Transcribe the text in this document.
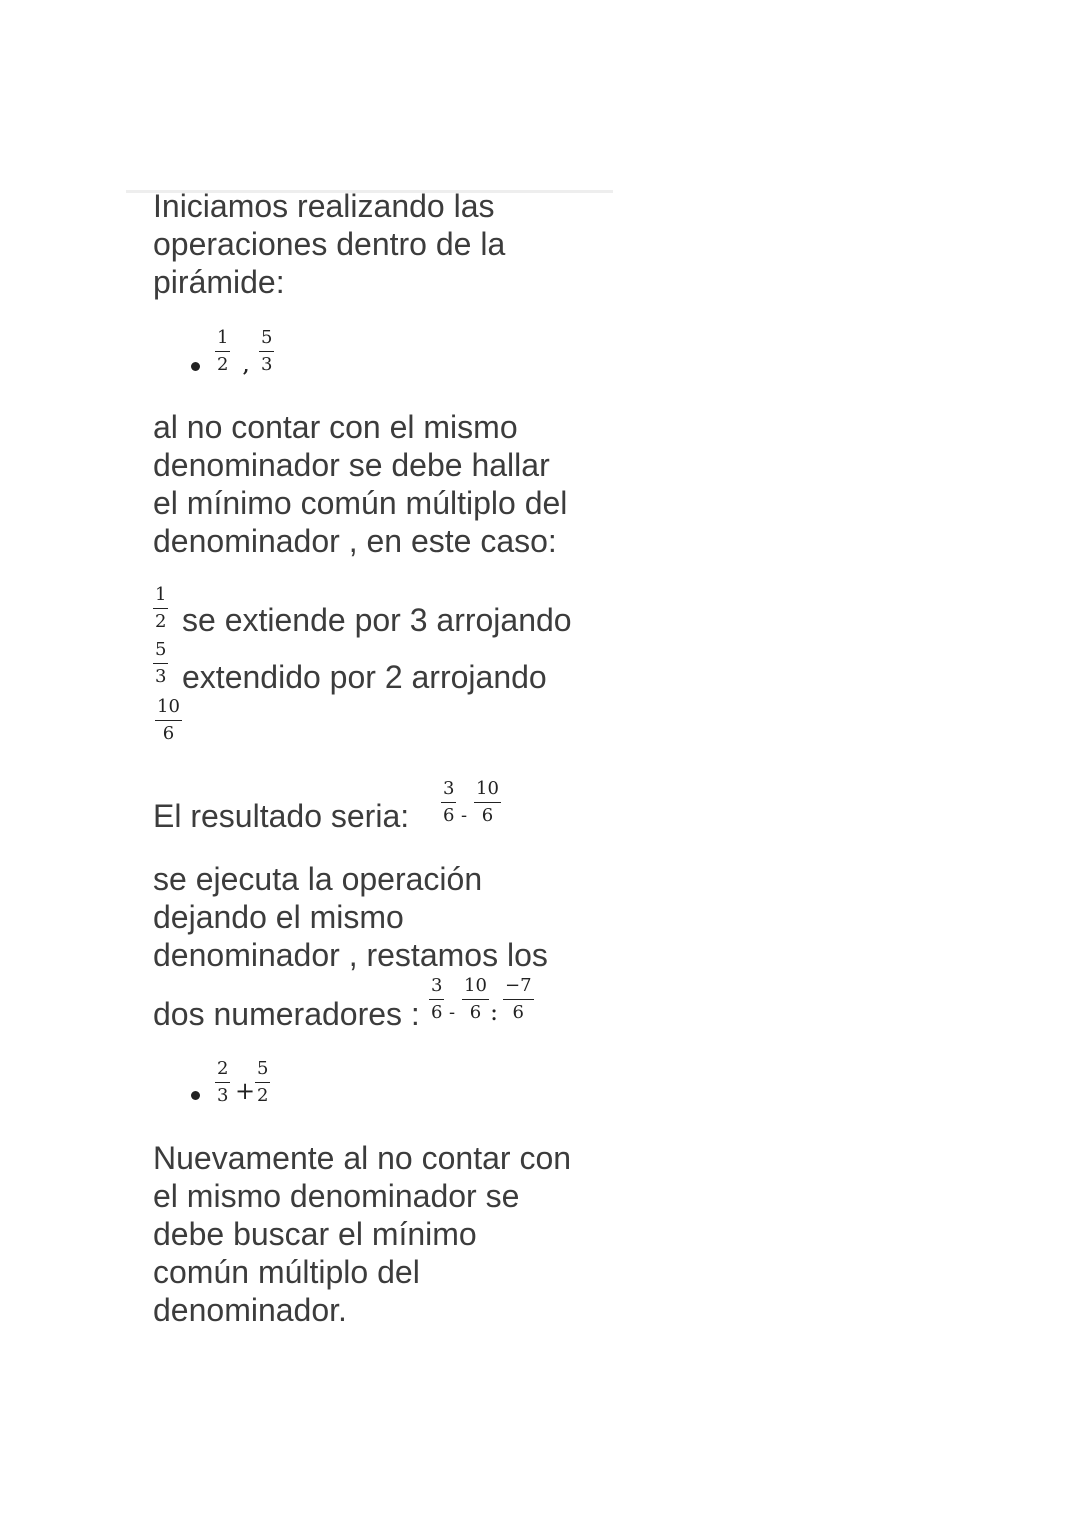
Iniciamos realizando las
operaciones dentro de la
pirámide:
$\frac{1}{2}$ , $\frac{5}{3}$
al no contar con el mismo
denominador se debe hallar
el mínimo común múltiplo del
denominador , en este caso:
$\frac{1}{2}$ se extiende por 3 arrojando
$\frac{5}{3}$ extendido por 2 arrojando
$\frac{10}{6}$
El resultado seria: $\frac{3}{6} - \frac{10}{6}$
se ejecuta la operación
dejando el mismo
denominador , restamos los
dos numeradores : $\frac{3}{6} - \frac{10}{6}$ : $\frac{-7}{6}$
$\frac{2}{3} + \frac{5}{2}$
Nuevamente al no contar con
el mismo denominador se
debe buscar el mínimo
común múltiplo del
denominador.
